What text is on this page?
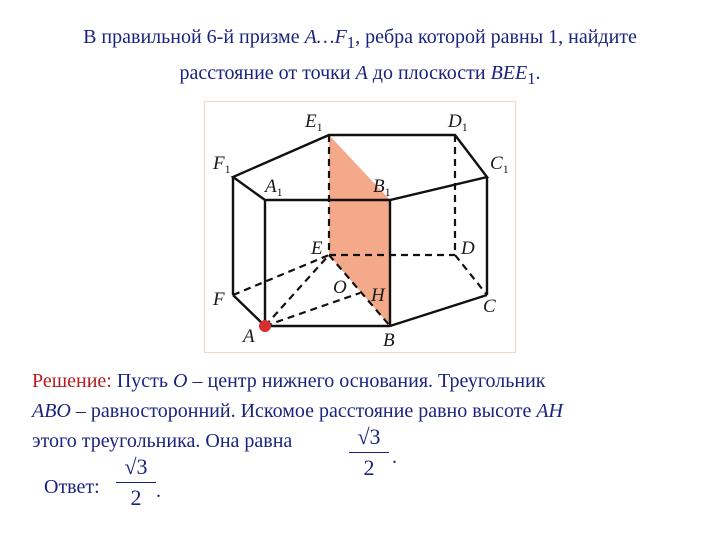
В правильной 6-й призме $A\dots F_1$, ребра которой равны 1, найдите
расстояние от точки A до плоскости $BEE_1$.
$E_1$	$D_1$
$F_1$	$C_1$
$A_1$	$B_1$
E	D
F	C
A	B
O H
Решение: Пусть O – центр нижнего основания. Треугольник
ABO – равносторонний. Искомое расстояние равно высоте AH
этого треугольника. Она равна	√3
2 .
Ответ:
√3
2 .
